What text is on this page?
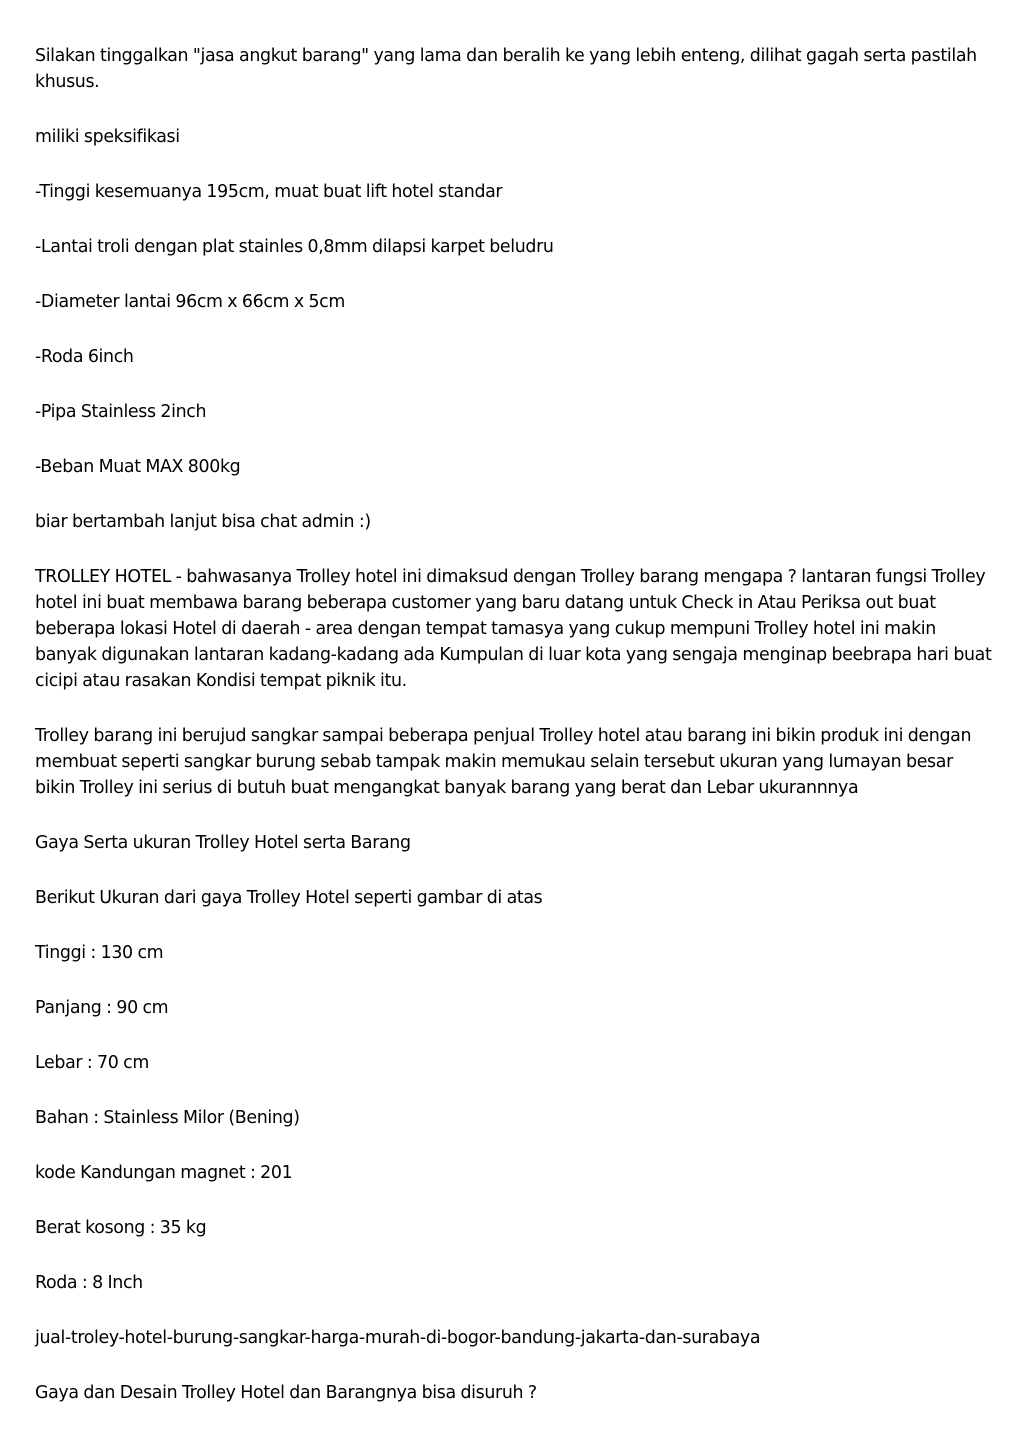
Silakan tinggalkan "jasa angkut barang" yang lama dan beralih ke yang lebih enteng, dilihat gagah serta pastilah khusus.

miliki speksifikasi

-Tinggi kesemuanya 195cm, muat buat lift hotel standar

-Lantai troli dengan plat stainles 0,8mm dilapsi karpet beludru

-Diameter lantai 96cm x 66cm x 5cm

-Roda 6inch

-Pipa Stainless 2inch

-Beban Muat MAX 800kg

biar bertambah lanjut bisa chat admin :)

TROLLEY HOTEL - bahwasanya Trolley hotel ini dimaksud dengan Trolley barang mengapa ? lantaran fungsi Trolley hotel ini buat membawa barang beberapa customer yang baru datang untuk Check in Atau Periksa out buat beberapa lokasi Hotel di daerah - area dengan tempat tamasya yang cukup mempuni Trolley hotel ini makin banyak digunakan lantaran kadang-kadang ada Kumpulan di luar kota yang sengaja menginap beebrapa hari buat cicipi atau rasakan Kondisi tempat piknik itu.

Trolley barang ini berujud sangkar sampai beberapa penjual Trolley hotel atau barang ini bikin produk ini dengan membuat seperti sangkar burung sebab tampak makin memukau selain tersebut ukuran yang lumayan besar bikin Trolley ini serius di butuh buat mengangkat banyak barang yang berat dan Lebar ukurannnya

Gaya Serta ukuran Trolley Hotel serta Barang

Berikut Ukuran dari gaya Trolley Hotel seperti gambar di atas

Tinggi : 130 cm

Panjang : 90 cm

Lebar : 70 cm

Bahan : Stainless Milor (Bening)

kode Kandungan magnet : 201

Berat kosong : 35 kg

Roda : 8 Inch

jual-troley-hotel-burung-sangkar-harga-murah-di-bogor-bandung-jakarta-dan-surabaya

Gaya dan Desain Trolley Hotel dan Barangnya bisa disuruh ?
